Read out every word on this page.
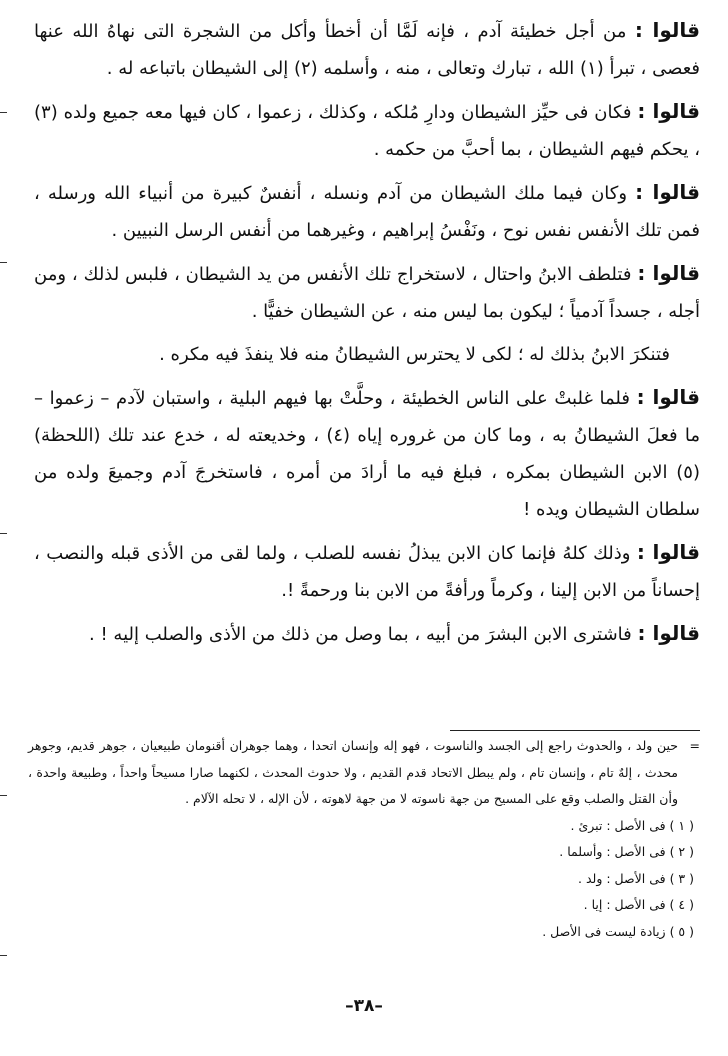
قالوا : من أجل خطيئة آدم ، فإنه لَمَّا أن أخطأ وأكل من الشجرة التى نهاهُ الله عنها فعصى ، تبرأ (١) الله ، تبارك وتعالى ، منه ، وأسلمه (٢) إلى الشيطان باتباعه له .
قالوا : فكان فى حيِّز الشيطان ودارِ مُلكه ، وكذلك ، زعموا ، كان فيها معه جميع ولده (٣) ، يحكم فيهم الشيطان ، بما أحبَّ من حكمه .
قالوا : وكان فيما ملك الشيطان من آدم ونسله ، أنفسٌ كبيرة من أنبياء الله ورسله ، فمن تلك الأنفس نفس نوح ، ونَفْسُ إبراهيم ، وغيرهما من أنفس الرسل النبيين .
قالوا : فتلطف الابنُ واحتال ، لاستخراج تلك الأنفس من يد الشيطان ، فلبس لذلك ، ومن أجله ، جسداً آدمياً ؛ ليكون بما ليس منه ، عن الشيطان خفيًّا .
فتنكرَ الابنُ بذلك له ؛ لكى لا يحترس الشيطانُ منه فلا ينفذَ فيه مكره .
قالوا : فلما غلبتْ على الناس الخطيئة ، وحلَّتْ بها فيهم البلية ، واستبان لآدم – زعموا – ما فعلَ الشيطانُ به ، وما كان من غروره إياه (٤) ، وخديعته له ، خدع عند تلك (اللحظة) (٥) الابن الشيطان بمكره ، فبلغ فيه ما أرادَ من أمره ، فاستخرجَ آدم وجميعَ ولده من سلطان الشيطان ويده !
قالوا : وذلك كلهُ فإنما كان الابن يبذلُ نفسه للصلب ، ولما لقى من الأذى قبله والنصب ، إحساناً من الابن إلينا ، وكرماً ورأفةً من الابن بنا ورحمةً !.
قالوا : فاشترى الابن البشرَ من أبيه ، بما وصل من ذلك من الأذى والصلب إليه ! .
=
حين ولد ، والحدوث راجع إلى الجسد والناسوت ، فهو إله وإنسان اتحدا ، وهما جوهران أقنومان طبيعيان ، جوهر قديم، وجوهر محدث ، إلهٌ تام ، وإنسان تام ، ولم يبطل الاتحاد قدم القديم ، ولا حدوث المحدث ، لكنهما صارا مسيحاً واحداً ، وطبيعة واحدة ، وأن القتل والصلب وقع على المسيح من جهة ناسوته لا من جهة لاهوته ، لأن الإله ، لا تحله الآلام .
( ١ ) فى الأصل : تبرئ .
( ٢ ) فى الأصل : وأسلما .
( ٣ ) فى الأصل : ولد .
( ٤ ) فى الأصل : إيا .
( ٥ ) زيادة ليست فى الأصل .
–٣٨–
